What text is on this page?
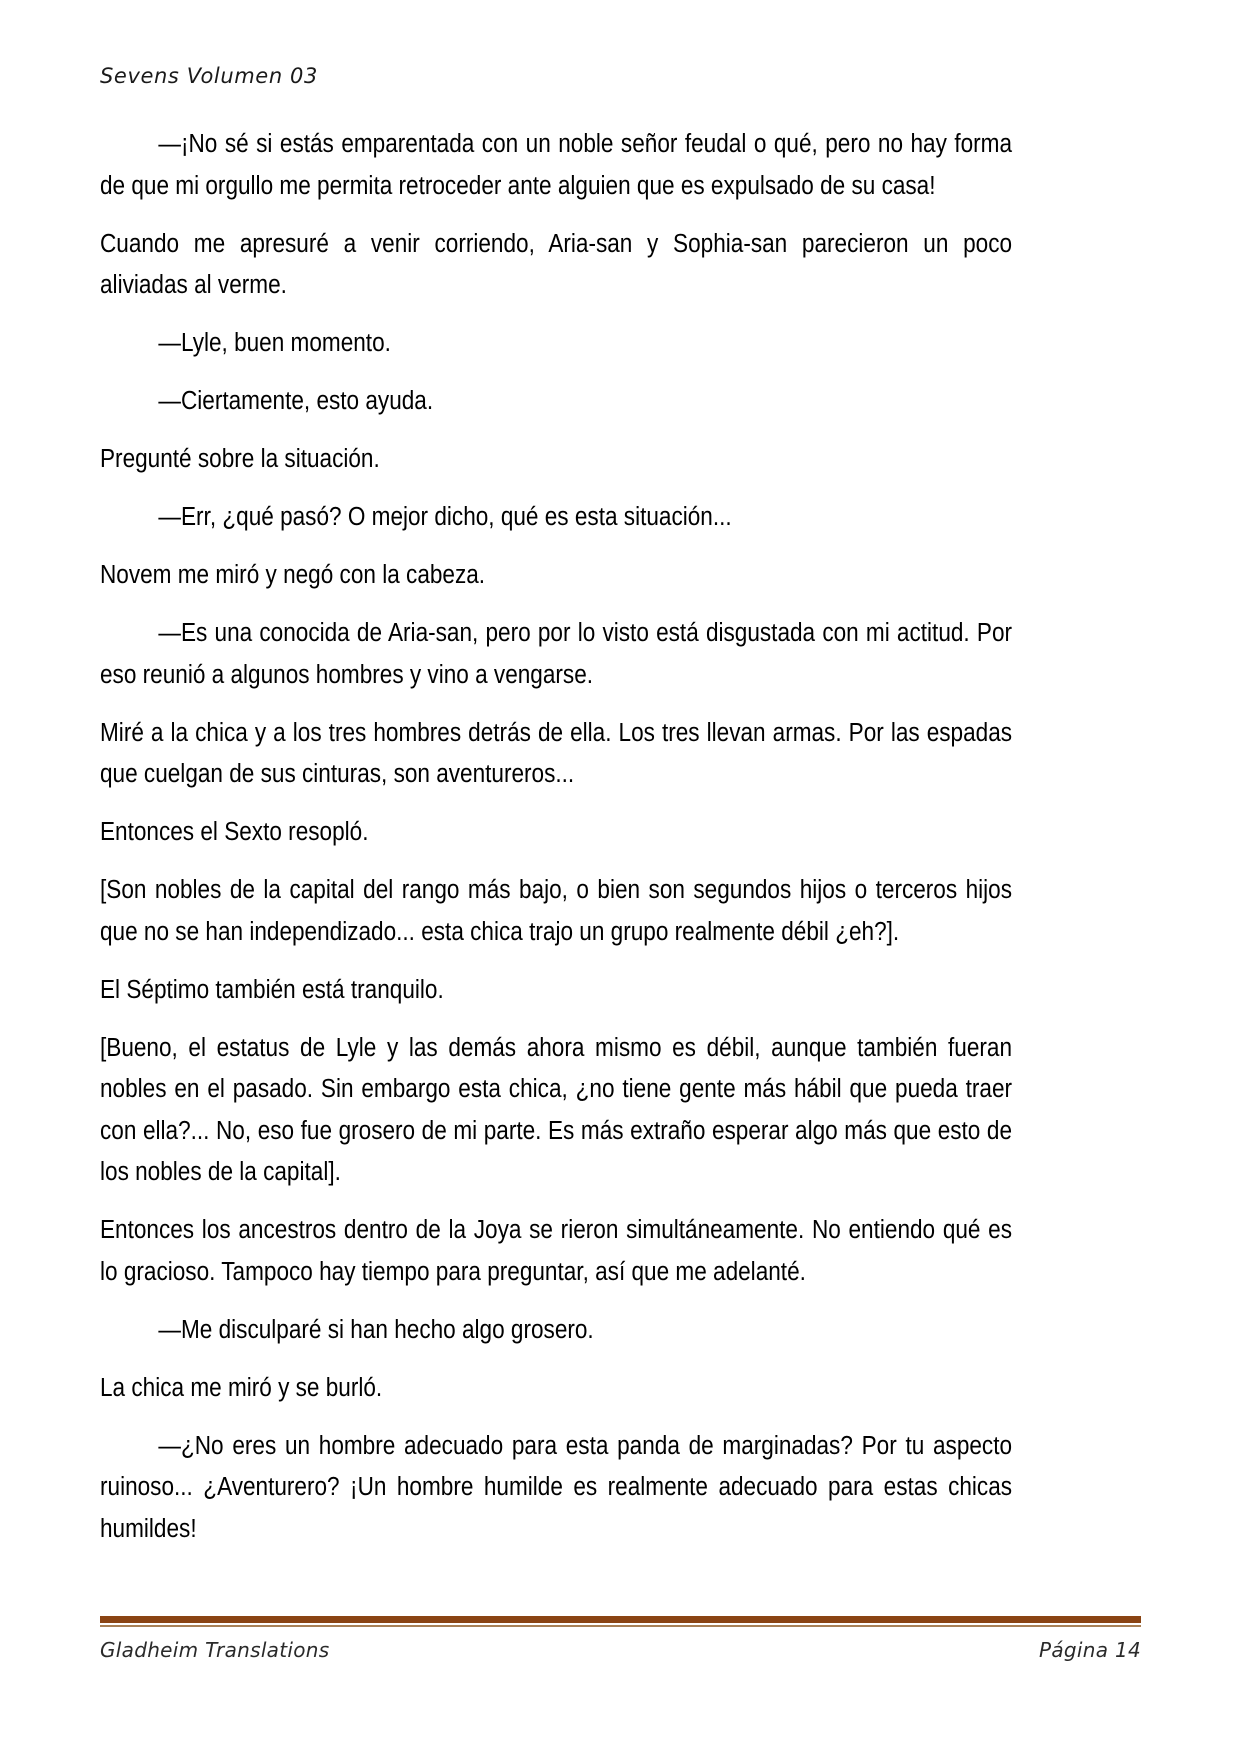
Sevens Volumen 03

—¡No sé si estás emparentada con un noble señor feudal o qué, pero no hay forma de que mi orgullo me permita retroceder ante alguien que es expulsado de su casa!

Cuando me apresuré a venir corriendo, Aria-san y Sophia-san parecieron un poco aliviadas al verme.

—Lyle, buen momento.

—Ciertamente, esto ayuda.

Pregunté sobre la situación.

—Err, ¿qué pasó? O mejor dicho, qué es esta situación...

Novem me miró y negó con la cabeza.

—Es una conocida de Aria-san, pero por lo visto está disgustada con mi actitud. Por eso reunió a algunos hombres y vino a vengarse.

Miré a la chica y a los tres hombres detrás de ella. Los tres llevan armas. Por las espadas que cuelgan de sus cinturas, son aventureros...

Entonces el Sexto resopló.

[Son nobles de la capital del rango más bajo, o bien son segundos hijos o terceros hijos que no se han independizado... esta chica trajo un grupo realmente débil ¿eh?].

El Séptimo también está tranquilo.

[Bueno, el estatus de Lyle y las demás ahora mismo es débil, aunque también fueran nobles en el pasado. Sin embargo esta chica, ¿no tiene gente más hábil que pueda traer con ella?... No, eso fue grosero de mi parte. Es más extraño esperar algo más que esto de los nobles de la capital].

Entonces los ancestros dentro de la Joya se rieron simultáneamente. No entiendo qué es lo gracioso. Tampoco hay tiempo para preguntar, así que me adelanté.

—Me disculparé si han hecho algo grosero.

La chica me miró y se burló.

—¿No eres un hombre adecuado para esta panda de marginadas? Por tu aspecto ruinoso... ¿Aventurero? ¡Un hombre humilde es realmente adecuado para estas chicas humildes!

Gladheim Translations	Página 14
